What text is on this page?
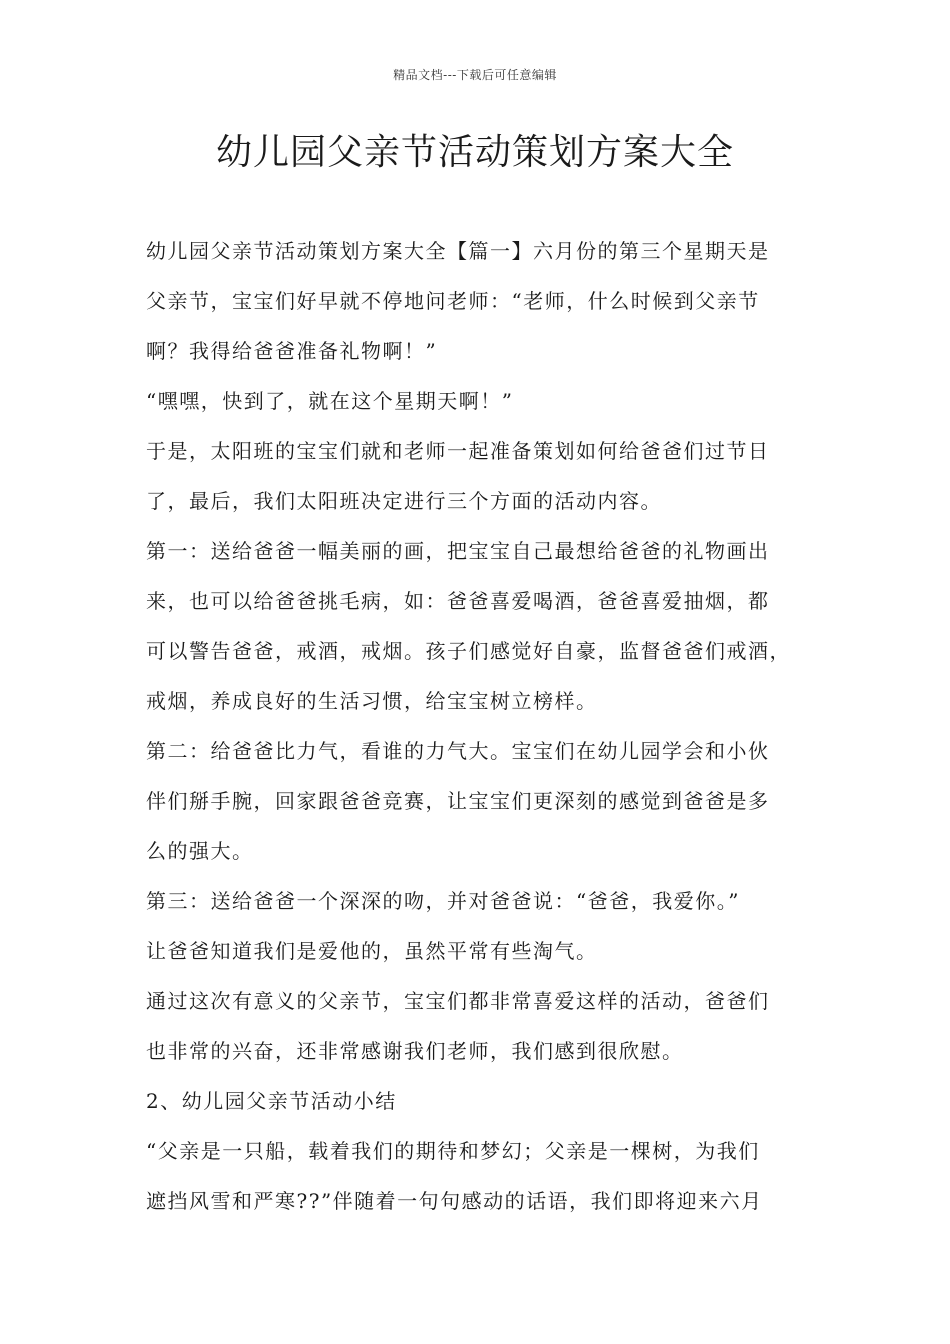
精品文档---下载后可任意编辑
幼儿园父亲节活动策划方案大全

幼儿园父亲节活动策划方案大全【篇一】六月份的第三个星期天是

父亲节，宝宝们好早就不停地问老师：“老师，什么时候到父亲节

啊？我得给爸爸准备礼物啊！”

“嘿嘿，快到了，就在这个星期天啊！”

于是，太阳班的宝宝们就和老师一起准备策划如何给爸爸们过节日

了，最后，我们太阳班决定进行三个方面的活动内容。

第一：送给爸爸一幅美丽的画，把宝宝自己最想给爸爸的礼物画出

来，也可以给爸爸挑毛病，如：爸爸喜爱喝酒，爸爸喜爱抽烟，都

可以警告爸爸，戒酒，戒烟。孩子们感觉好自豪，监督爸爸们戒酒，

戒烟，养成良好的生活习惯，给宝宝树立榜样。

第二：给爸爸比力气，看谁的力气大。宝宝们在幼儿园学会和小伙

伴们掰手腕，回家跟爸爸竞赛，让宝宝们更深刻的感觉到爸爸是多

么的强大。

第三：送给爸爸一个深深的吻，并对爸爸说：“爸爸，我爱你。”

让爸爸知道我们是爱他的，虽然平常有些淘气。

通过这次有意义的父亲节，宝宝们都非常喜爱这样的活动，爸爸们

也非常的兴奋，还非常感谢我们老师，我们感到很欣慰。

2、幼儿园父亲节活动小结

“父亲是一只船，载着我们的期待和梦幻；父亲是一棵树，为我们

遮挡风雪和严寒??”伴随着一句句感动的话语，我们即将迎来六月
